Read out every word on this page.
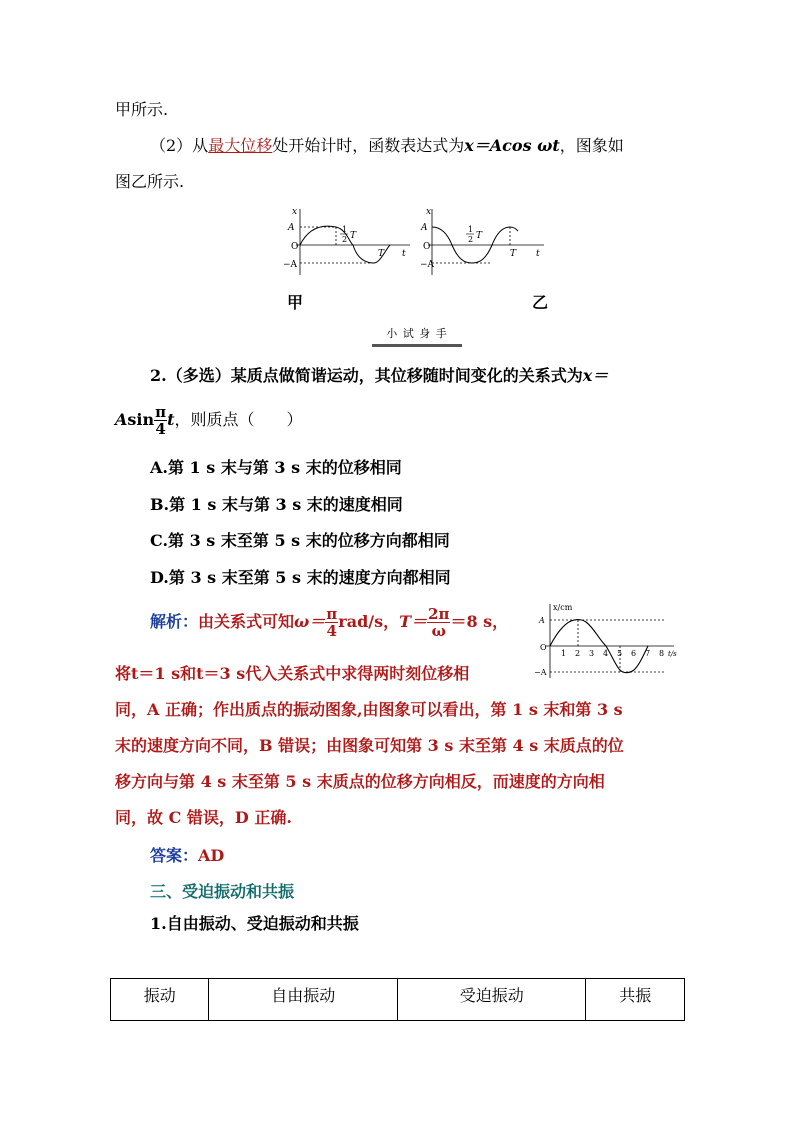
甲所示.
（2）从最大位移处开始计时，函数表达式为x＝Acos ωt，图象如
图乙所示.
x
A
O
−A
1
2 T
T t
x
A
O
−A
1
2 T
T t
甲	乙
小 试 身 手
2.（多选）某质点做简谐运动，其位移随时间变化的关系式为x＝
Asin $\frac{\pi}{4}$ t，则质点（　　）
A.第 1 s 末与第 3 s 末的位移相同
B.第 1 s 末与第 3 s 末的速度相同
C.第 3 s 末至第 5 s 末的位移方向都相同
D.第 3 s 末至第 5 s 末的速度方向都相同
解析：由关系式可知$\omega= \frac{\pi}{4} rad/s$，$T= \frac{2\pi}{\omega} =8$ s，
x/cm
A
O
−A
1 2 3 4 5 6 7 8 t/s
将t＝1 s和t＝3 s代入关系式中求得两时刻位移相
同，A 正确；作出质点的振动图象,由图象可以看出，第 1 s 末和第 3 s
末的速度方向不同，B 错误；由图象可知第 3 s 末至第 4 s 末质点的位
移方向与第 4 s 末至第 5 s 末质点的位移方向相反，而速度的方向相
同，故 C 错误，D 正确.
答案：AD
三、受迫振动和共振
1.自由振动、受迫振动和共振
振动	自由振动	受迫振动	共振
